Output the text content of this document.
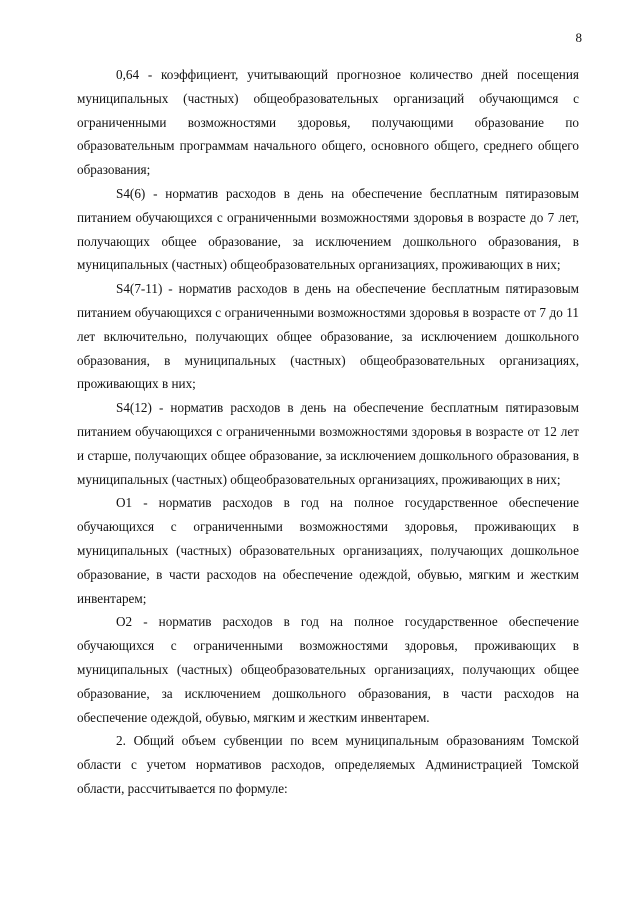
8

0,64 - коэффициент, учитывающий прогнозное количество дней посещения муниципальных (частных) общеобразовательных организаций обучающимся с ограниченными возможностями здоровья, получающими образование по образовательным программам начального общего, основного общего, среднего общего образования;

S4(6) - норматив расходов в день на обеспечение бесплатным пятиразовым питанием обучающихся с ограниченными возможностями здоровья в возрасте до 7 лет, получающих общее образование, за исключением дошкольного образования, в муниципальных (частных) общеобразовательных организациях, проживающих в них;

S4(7-11) - норматив расходов в день на обеспечение бесплатным пятиразовым питанием обучающихся с ограниченными возможностями здоровья в возрасте от 7 до 11 лет включительно, получающих общее образование, за исключением дошкольного образования, в муниципальных (частных) общеобразовательных организациях, проживающих в них;

S4(12) - норматив расходов в день на обеспечение бесплатным пятиразовым питанием обучающихся с ограниченными возможностями здоровья в возрасте от 12 лет и старше, получающих общее образование, за исключением дошкольного образования, в муниципальных (частных) общеобразовательных организациях, проживающих в них;

O1 - норматив расходов в год на полное государственное обеспечение обучающихся с ограниченными возможностями здоровья, проживающих в муниципальных (частных) образовательных организациях, получающих дошкольное образование, в части расходов на обеспечение одеждой, обувью, мягким и жестким инвентарем;

O2 - норматив расходов в год на полное государственное обеспечение обучающихся с ограниченными возможностями здоровья, проживающих в муниципальных (частных) общеобразовательных организациях, получающих общее образование, за исключением дошкольного образования, в части расходов на обеспечение одеждой, обувью, мягким и жестким инвентарем.

2. Общий объем субвенции по всем муниципальным образованиям Томской области с учетом нормативов расходов, определяемых Администрацией Томской области, рассчитывается по формуле:
